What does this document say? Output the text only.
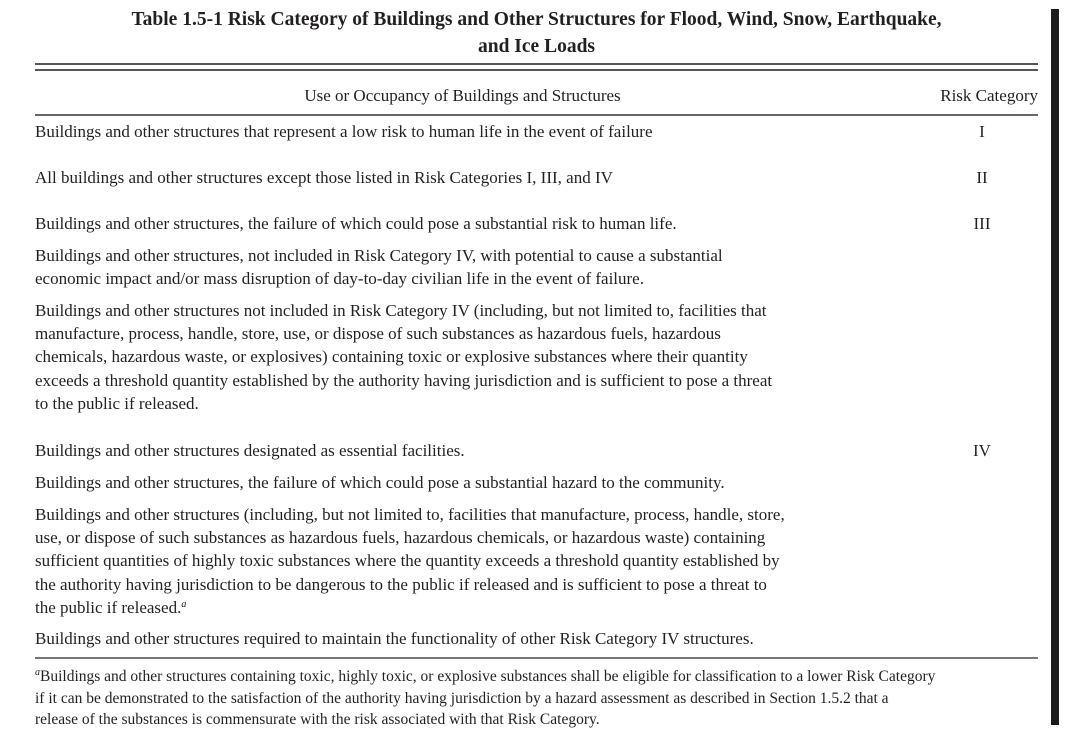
Table 1.5-1 Risk Category of Buildings and Other Structures for Flood, Wind, Snow, Earthquake,
and Ice Loads
Use or Occupancy of Buildings and Structures	Risk Category
Buildings and other structures that represent a low risk to human life in the event of failure	I
All buildings and other structures except those listed in Risk Categories I, III, and IV	II
Buildings and other structures, the failure of which could pose a substantial risk to human life.	III
Buildings and other structures, not included in Risk Category IV, with potential to cause a substantial
economic impact and/or mass disruption of day-to-day civilian life in the event of failure.
Buildings and other structures not included in Risk Category IV (including, but not limited to, facilities that
manufacture, process, handle, store, use, or dispose of such substances as hazardous fuels, hazardous
chemicals, hazardous waste, or explosives) containing toxic or explosive substances where their quantity
exceeds a threshold quantity established by the authority having jurisdiction and is sufficient to pose a threat
to the public if released.
Buildings and other structures designated as essential facilities.	IV
Buildings and other structures, the failure of which could pose a substantial hazard to the community.
Buildings and other structures (including, but not limited to, facilities that manufacture, process, handle, store,
use, or dispose of such substances as hazardous fuels, hazardous chemicals, or hazardous waste) containing
sufficient quantities of highly toxic substances where the quantity exceeds a threshold quantity established by
the authority having jurisdiction to be dangerous to the public if released and is sufficient to pose a threat to
the public if released.$^a$
Buildings and other structures required to maintain the functionality of other Risk Category IV structures.
$^a$Buildings and other structures containing toxic, highly toxic, or explosive substances shall be eligible for classification to a lower Risk Category
if it can be demonstrated to the satisfaction of the authority having jurisdiction by a hazard assessment as described in Section 1.5.2 that a
release of the substances is commensurate with the risk associated with that Risk Category.
